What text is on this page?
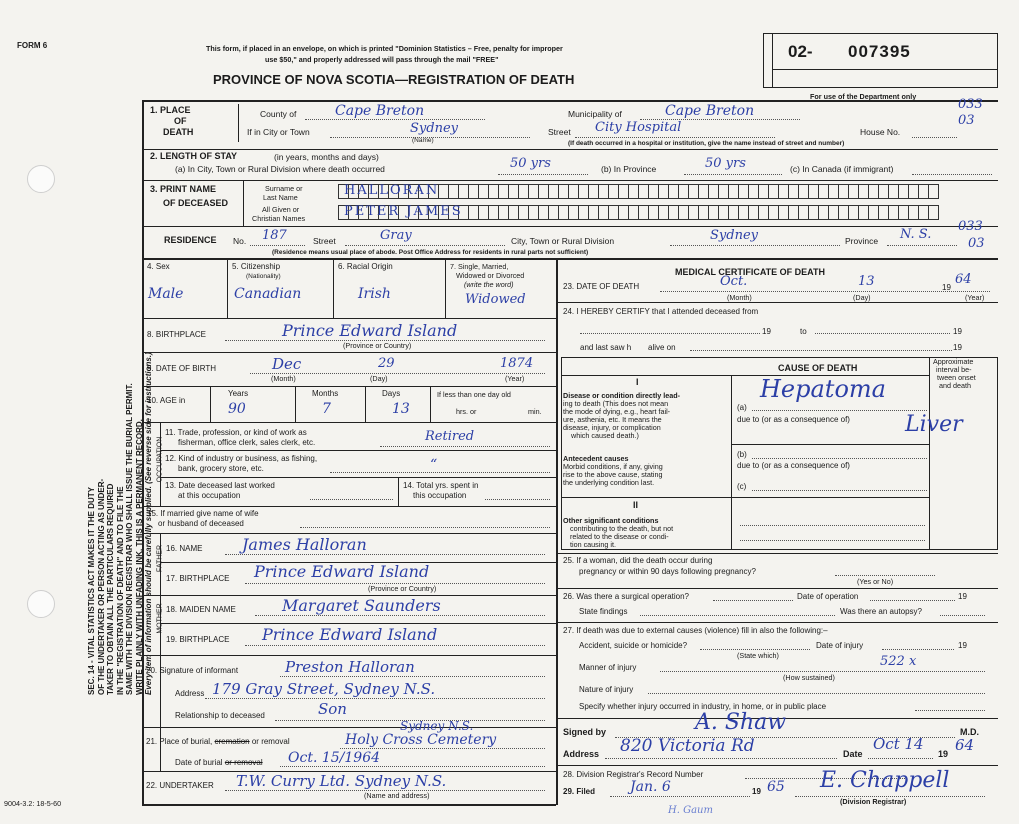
SEC. 14 - VITAL STATISTICS ACT MAKES IT THE DUTY OF THE UNDERTAKER OR PERSON ACTING AS UNDER- TAKER TO OBTAIN ALL THE PARTICULARS REQUIRED IN THE "REGISTRATION OF DEATH" AND TO FILE THE SAME WITH THE DIVISION REGISTRAR WHO SHALL ISSUE THE BURIAL PERMIT. WRITE PLAINLY WITH UNFADING INK. THIS IS A PERMANENT RECORD. Every item of information should be carefully supplied. (See reverse side for instructions.)
FORM 6	This form, if placed in an envelope, on which is printed "Dominion Statistics – Free, penalty for improper
use $50," and properly addressed will pass through the mail "FREE"
PROVINCE OF NOVA SCOTIA—REGISTRATION OF DEATH
02- 007395
For use of the Department only
1. PLACE
OF
DEATH
County of	Cape Breton	Municipality of	Cape Breton	033
If in City or Town	Sydney
(Name)
Street City Hospital	House No.
03
(If death occurred in a hospital or institution, give the name instead of street and number)
2. LENGTH OF STAY	(in years, months and days)
(a) In City, Town or Rural Division where death occurred	50 yrs	(b) In Province	50 yrs	(c) In Canada (if immigrant)
3. PRINT NAME
OF DECEASED
Surname or
Last Name
All Given or
Christian Names
HALLORAN
PETER JAMES
RESIDENCE No. 187	Street	Gray	City, Town or Rural Division	Sydney	Province N. S.
033
03
(Residence means usual place of abode. Post Office Address for residents in rural parts not sufficient)
4. Sex
Male
5. Citizenship
(Nationality)
Canadian
6. Racial Origin
Irish
7. Single, Married,
Widowed or Divorced
(write the word)
Widowed
8. BIRTHPLACE	Prince Edward Island
(Province or Country)
9. DATE OF BIRTH	Dec	29	1874
(Month)	(Day)	(Year)
10. AGE in
Years	Months	Days
90	7	13
If less than one day old
hrs. or	min.
OCCUPATION
11. Trade, profession, or kind of work as
fisherman, office clerk, sales clerk, etc.	Retired
12. Kind of industry or business, as fishing,
bank, grocery store, etc.	“
13. Date deceased last worked
at this occupation
14. Total yrs. spent in
this occupation
15. If married give name of wife
or husband of deceased
FATHER
MOTHER
16. NAME James Halloran
17. BIRTHPLACE Prince Edward Island
(Province or Country)
18. MAIDEN NAME	Margaret Saunders
19. BIRTHPLACE Prince Edward Island
20. Signature of informant	Preston Halloran
Address 179 Gray Street, Sydney N.S.
Relationship to deceased	Son
21. Place of burial, cremation or removal
Sydney N.S.
Holy Cross Cemetery
Date of burial or removal Oct. 15/1964
22. UNDERTAKER T.W. Curry Ltd. Sydney N.S.
(Name and address)
9004-3.2: 18-5-60
MEDICAL CERTIFICATE OF DEATH
23. DATE OF DEATH	Oct.	13	19
64
(Month)	(Day)	(Year)
24. I HEREBY CERTIFY that I attended deceased from
19	to	19
and last saw h alive on	19
CAUSE OF DEATH
Approximate
interval be-
tween onset
and death
I
Disease or condition directly lead-
ing to death (This does not mean
the mode of dying, e.g., heart fail-
ure, asthenia, etc. It means the
disease, injury, or complication
which caused death.)
(a)
Hepatoma
due to (or as a consequence of)	Liver
Antecedent causes
Morbid conditions, if any, giving
rise to the above cause, stating
the underlying condition last.
(b)
due to (or as a consequence of)
(c)
II
Other significant conditions
contributing to the death, but not
related to the disease or condi-
tion causing it.
25. If a woman, did the death occur during
pregnancy or within 90 days following pregnancy?
(Yes or No)
26. Was there a surgical operation?	Date of operation	19
State findings	Was there an autopsy?
27. If death was due to external causes (violence) fill in also the following:–
Accident, suicide or homicide?
(State which)
Date of injury	19
Manner of injury	522 x
(How sustained)
Nature of injury
Specify whether injury occurred in industry, in home, or in public place
Signed by	A. Shaw	M.D.
Address 820 Victoria Rd	Date
Oct 14
19 64
28. Division Registrar's Record Number
29. Filed Jan. 6	19 65 E. Chappell
(Division Registrar)
H. Gaum
